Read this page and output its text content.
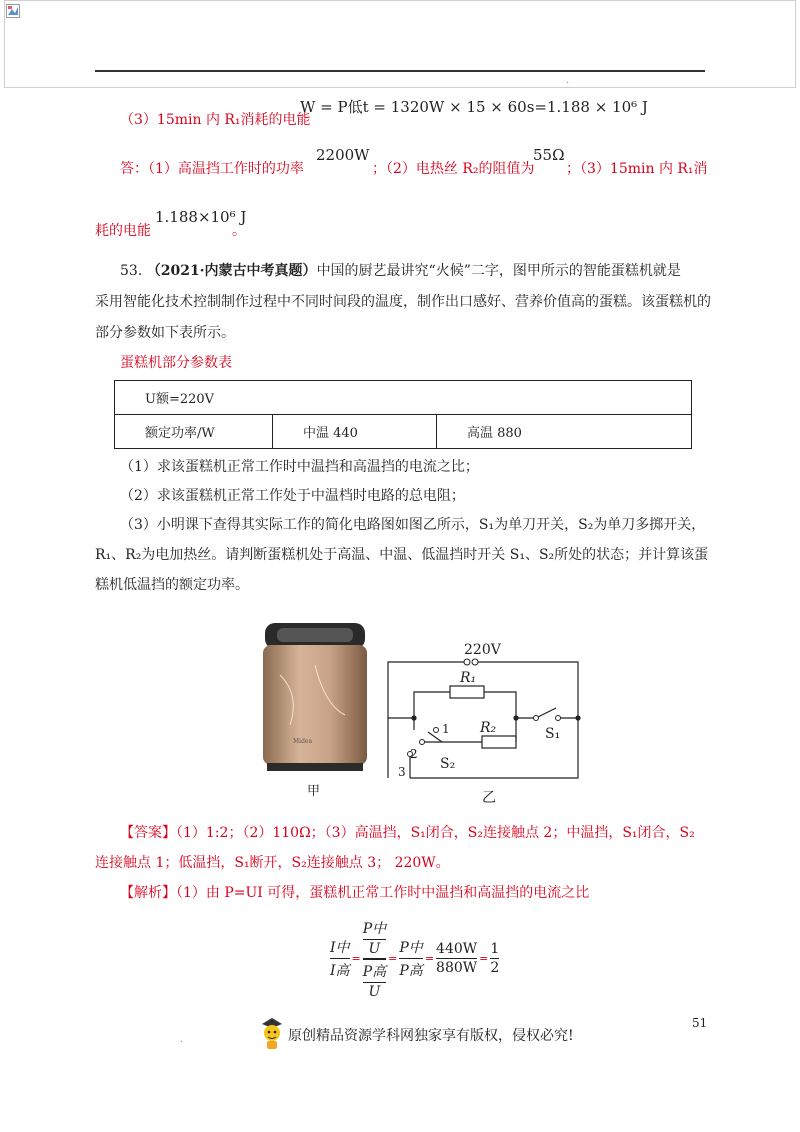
·
（3）15min 内 R₁消耗的电能
W = P低t = 1320W × 15 × 60s=1.188 × 10⁶ J
答：（1）高温挡工作时的功率
2200W
；（2）电热丝 R₂的阻值为
55Ω
；（3）15min 内 R₁消
耗的电能
1.188×10⁶ J
。
53. （2021·内蒙古中考真题）中国的厨艺最讲究“火候”二字，图甲所示的智能蛋糕机就是
采用智能化技术控制制作过程中不同时间段的温度，制作出口感好、营养价值高的蛋糕。该蛋糕机的
部分参数如下表所示。
蛋糕机部分参数表
U额=220V
额定功率/W	中温 440	高温 880
（1）求该蛋糕机正常工作时中温挡和高温挡的电流之比；
（2）求该蛋糕机正常工作处于中温档时电路的总电阻；
（3）小明课下查得其实际工作的简化电路图如图乙所示，S₁为单刀开关，S₂为单刀多掷开关，
R₁、R₂为电加热丝。请判断蛋糕机处于高温、中温、低温挡时开关 S₁、S₂所处的状态；并计算该蛋
糕机低温挡的额定功率。
Midea
甲
220V
R₁
R₂	S₁
S₂
1
2
3
乙
【答案】（1）1:2；（2）110Ω；（3）高温挡，S₁闭合，S₂连接触点 2；中温挡，S₁闭合，S₂
连接触点 1；低温挡，S₁断开，S₂连接触点 3； 220W。
【解析】（1）由 P=UI 可得，蛋糕机正常工作时中温挡和高温挡的电流之比
$\frac{\text{I中}}{\text{I高}} = \frac{\frac{\text{P中}}{U}}{\frac{\text{P高}}{U}} = \frac{\text{P中}}{\text{P高}} = \frac{440W}{880W} = \frac{1}{2}$
51
.	原创精品资源学科网独家享有版权，侵权必究!
